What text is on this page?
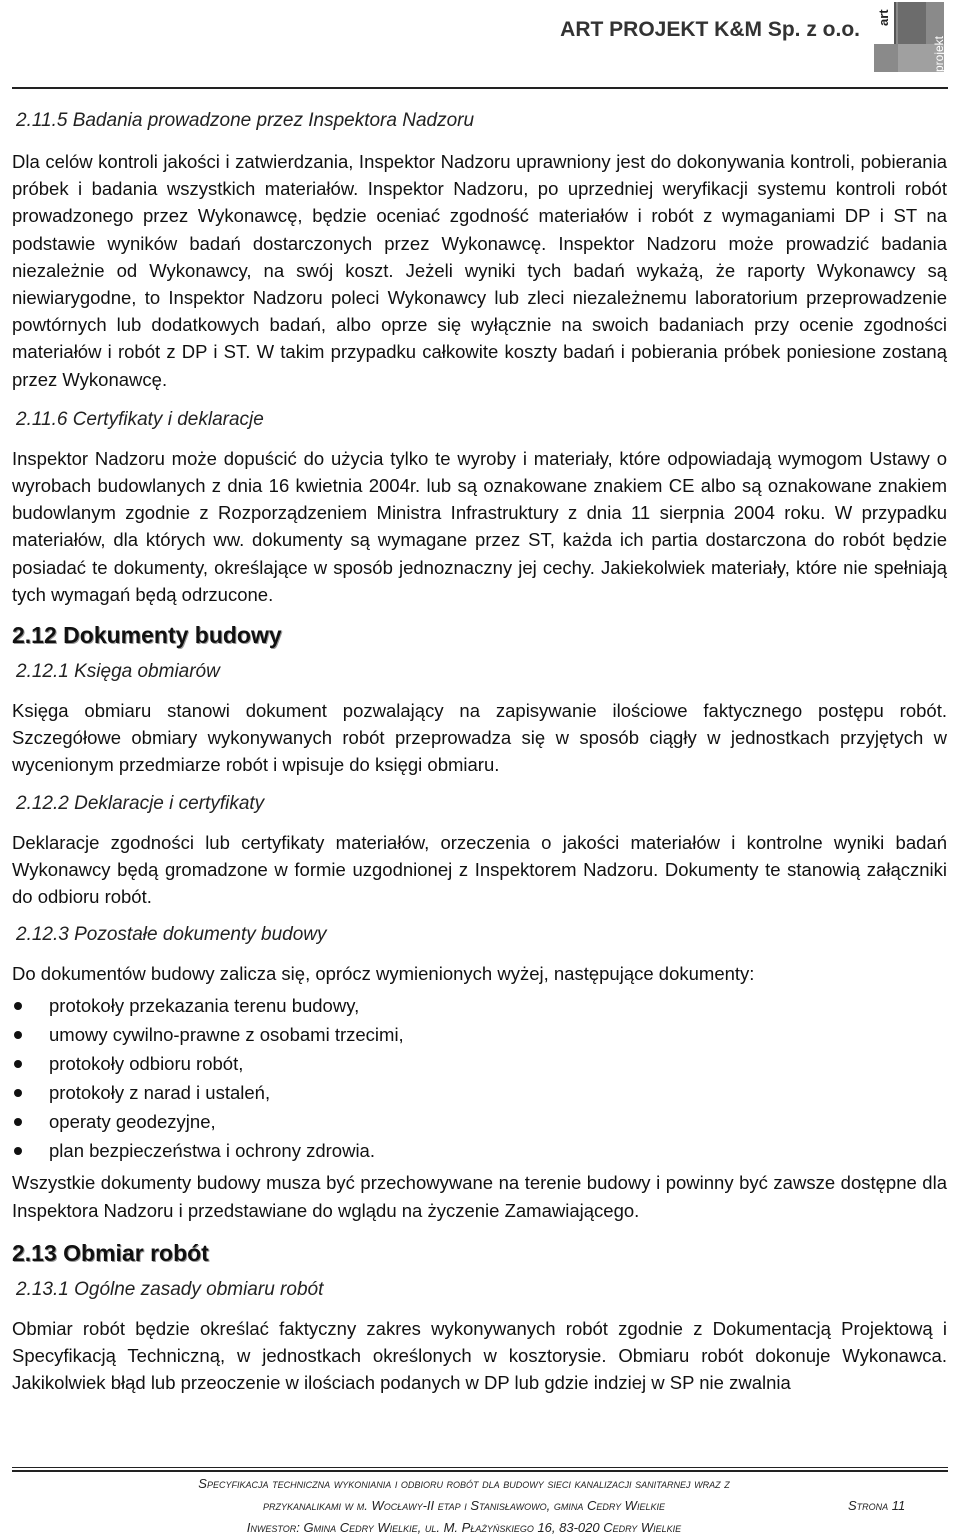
ART PROJEKT K&M Sp. z o.o.
art
projekt

2.11.5 Badania prowadzone przez Inspektora Nadzoru

Dla celów kontroli jakości i zatwierdzania, Inspektor Nadzoru uprawniony jest do dokonywania kontroli, pobierania próbek i badania wszystkich materiałów. Inspektor Nadzoru, po uprzedniej weryfikacji systemu kontroli robót prowadzonego przez Wykonawcę, będzie oceniać zgodność materiałów i robót z wymaganiami DP i ST na podstawie wyników badań dostarczonych przez Wykonawcę. Inspektor Nadzoru może prowadzić badania niezależnie od Wykonawcy, na swój koszt. Jeżeli wyniki tych badań wykażą, że raporty Wykonawcy są niewiarygodne, to Inspektor Nadzoru poleci Wykonawcy lub zleci niezależnemu laboratorium przeprowadzenie powtórnych lub dodatkowych badań, albo oprze się wyłącznie na swoich badaniach przy ocenie zgodności materiałów i robót z DP i ST. W takim przypadku całkowite koszty badań i pobierania próbek poniesione zostaną przez Wykonawcę.

2.11.6 Certyfikaty i deklaracje

Inspektor Nadzoru może dopuścić do użycia tylko te wyroby i materiały, które odpowiadają wymogom Ustawy o wyrobach budowlanych z dnia 16 kwietnia 2004r. lub są oznakowane znakiem CE albo są oznakowane znakiem budowlanym zgodnie z Rozporządzeniem Ministra Infrastruktury z dnia 11 sierpnia 2004 roku. W przypadku materiałów, dla których ww. dokumenty są wymagane przez ST, każda ich partia dostarczona do robót będzie posiadać te dokumenty, określające w sposób jednoznaczny jej cechy. Jakiekolwiek materiały, które nie spełniają tych wymagań będą odrzucone.

2.12 Dokumenty budowy

2.12.1 Księga obmiarów

Księga obmiaru stanowi dokument pozwalający na zapisywanie ilościowe faktycznego postępu robót. Szczegółowe obmiary wykonywanych robót przeprowadza się w sposób ciągły w jednostkach przyjętych w wycenionym przedmiarze robót i wpisuje do księgi obmiaru.

2.12.2 Deklaracje i certyfikaty

Deklaracje zgodności lub certyfikaty materiałów, orzeczenia o jakości materiałów i kontrolne wyniki badań Wykonawcy będą gromadzone w formie uzgodnionej z Inspektorem Nadzoru. Dokumenty te stanowią załączniki do odbioru robót.

2.12.3 Pozostałe dokumenty budowy

Do dokumentów budowy zalicza się, oprócz wymienionych wyżej, następujące dokumenty:

protokoły przekazania terenu budowy,
umowy cywilno-prawne z osobami trzecimi,
protokoły odbioru robót,
protokoły z narad i ustaleń,
operaty geodezyjne,
plan bezpieczeństwa i ochrony zdrowia.

Wszystkie dokumenty budowy musza być przechowywane na terenie budowy i powinny być zawsze dostępne dla Inspektora Nadzoru i przedstawiane do wglądu na życzenie Zamawiającego.

2.13 Obmiar robót

2.13.1 Ogólne zasady obmiaru robót

Obmiar robót będzie określać faktyczny zakres wykonywanych robót zgodnie z Dokumentacją Projektową i Specyfikacją Techniczną, w jednostkach określonych w kosztorysie. Obmiaru robót dokonuje Wykonawca. Jakikolwiek błąd lub przeoczenie w ilościach podanych w DP lub gdzie indziej w SP nie zwalnia

Specyfikacja techniczna wykoniania i odbioru robót dla budowy sieci kanalizacji sanitarnej wraz z
przykanalikami w m. Wocławy-II etap i Stanisławowo, gmina Cedry Wielkie	Strona 11
Inwestor: Gmina Cedry Wielkie, ul. M. Płażyńskiego 16, 83-020 Cedry Wielkie
